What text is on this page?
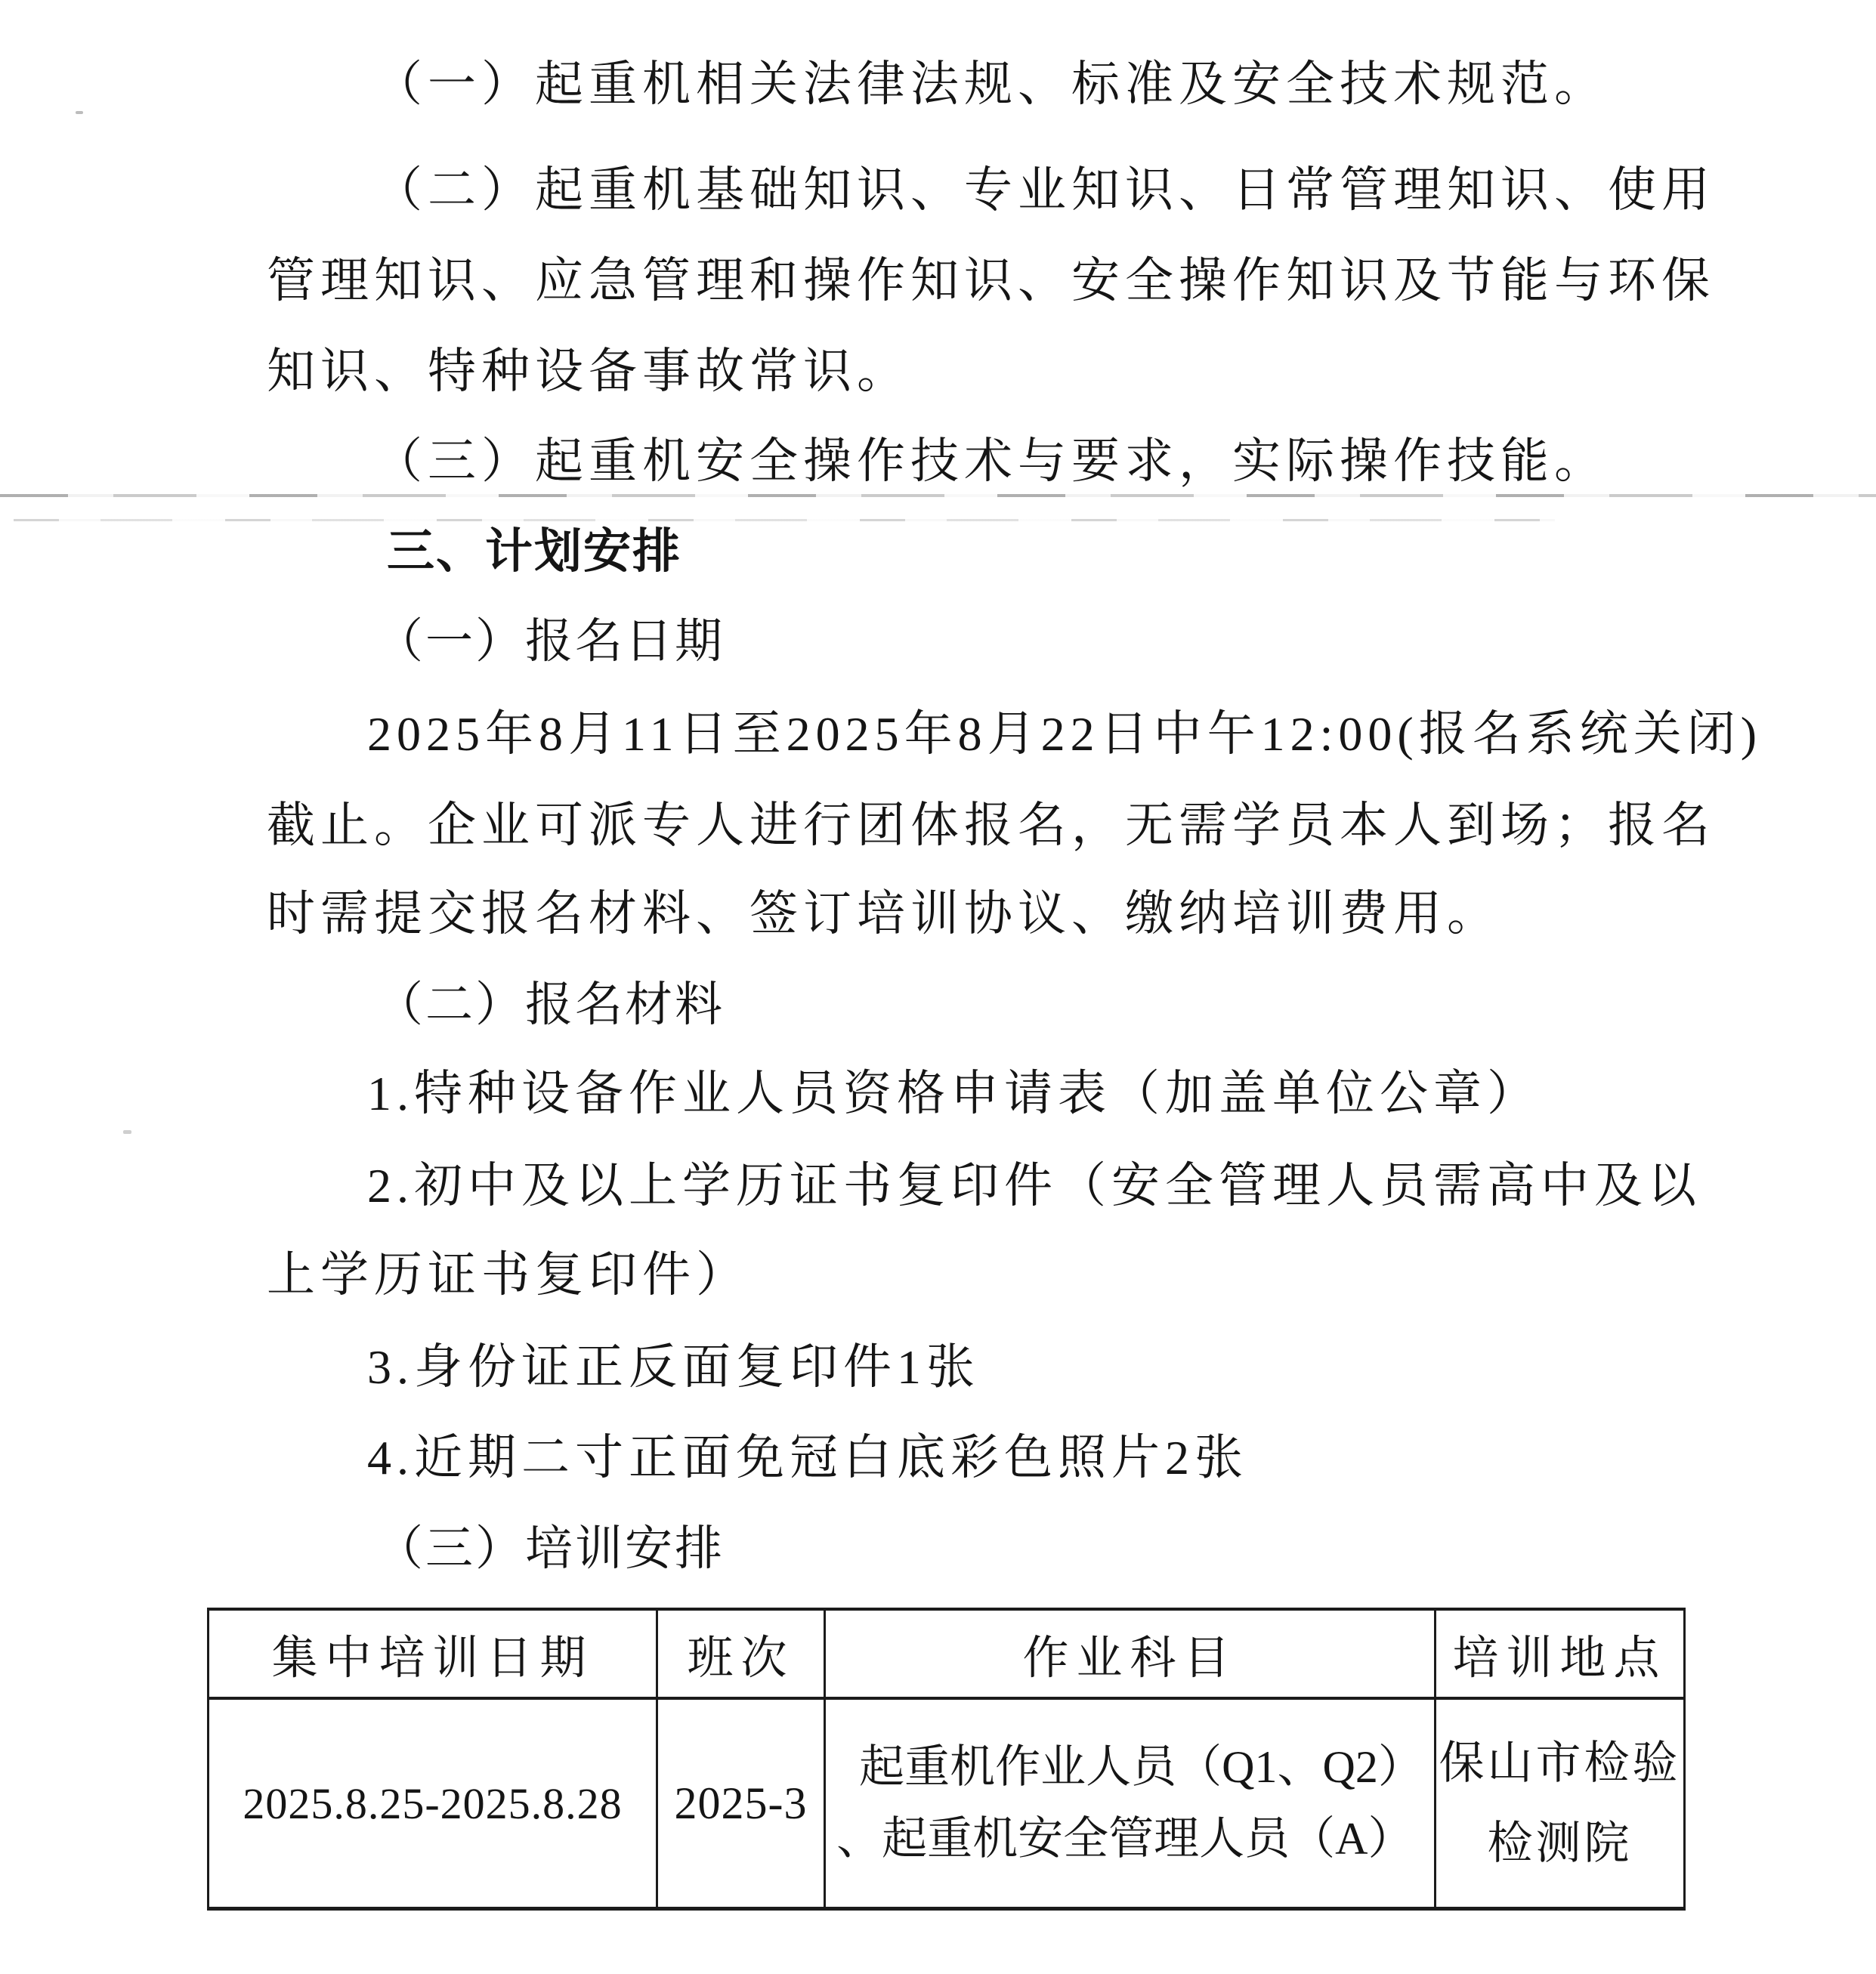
（一）起重机相关法律法规、标准及安全技术规范。
（二）起重机基础知识、专业知识、日常管理知识、使用
管理知识、应急管理和操作知识、安全操作知识及节能与环保
知识、特种设备事故常识。
（三）起重机安全操作技术与要求，实际操作技能。
三、计划安排
（一）报名日期
2025年8月11日至2025年8月22日中午12:00(报名系统关闭)
截止。企业可派专人进行团体报名，无需学员本人到场；报名
时需提交报名材料、签订培训协议、缴纳培训费用。
（二）报名材料
1.特种设备作业人员资格申请表（加盖单位公章）
2.初中及以上学历证书复印件（安全管理人员需高中及以
上学历证书复印件）
3.身份证正反面复印件1张
4.近期二寸正面免冠白底彩色照片2张
（三）培训安排
集中培训日期 班次	作业科目	培训地点
2025.8.25-2025.8.28 2025-3
起重机作业人员（Q1、Q2）
、起重机安全管理人员（A）
保山市检验
检测院
